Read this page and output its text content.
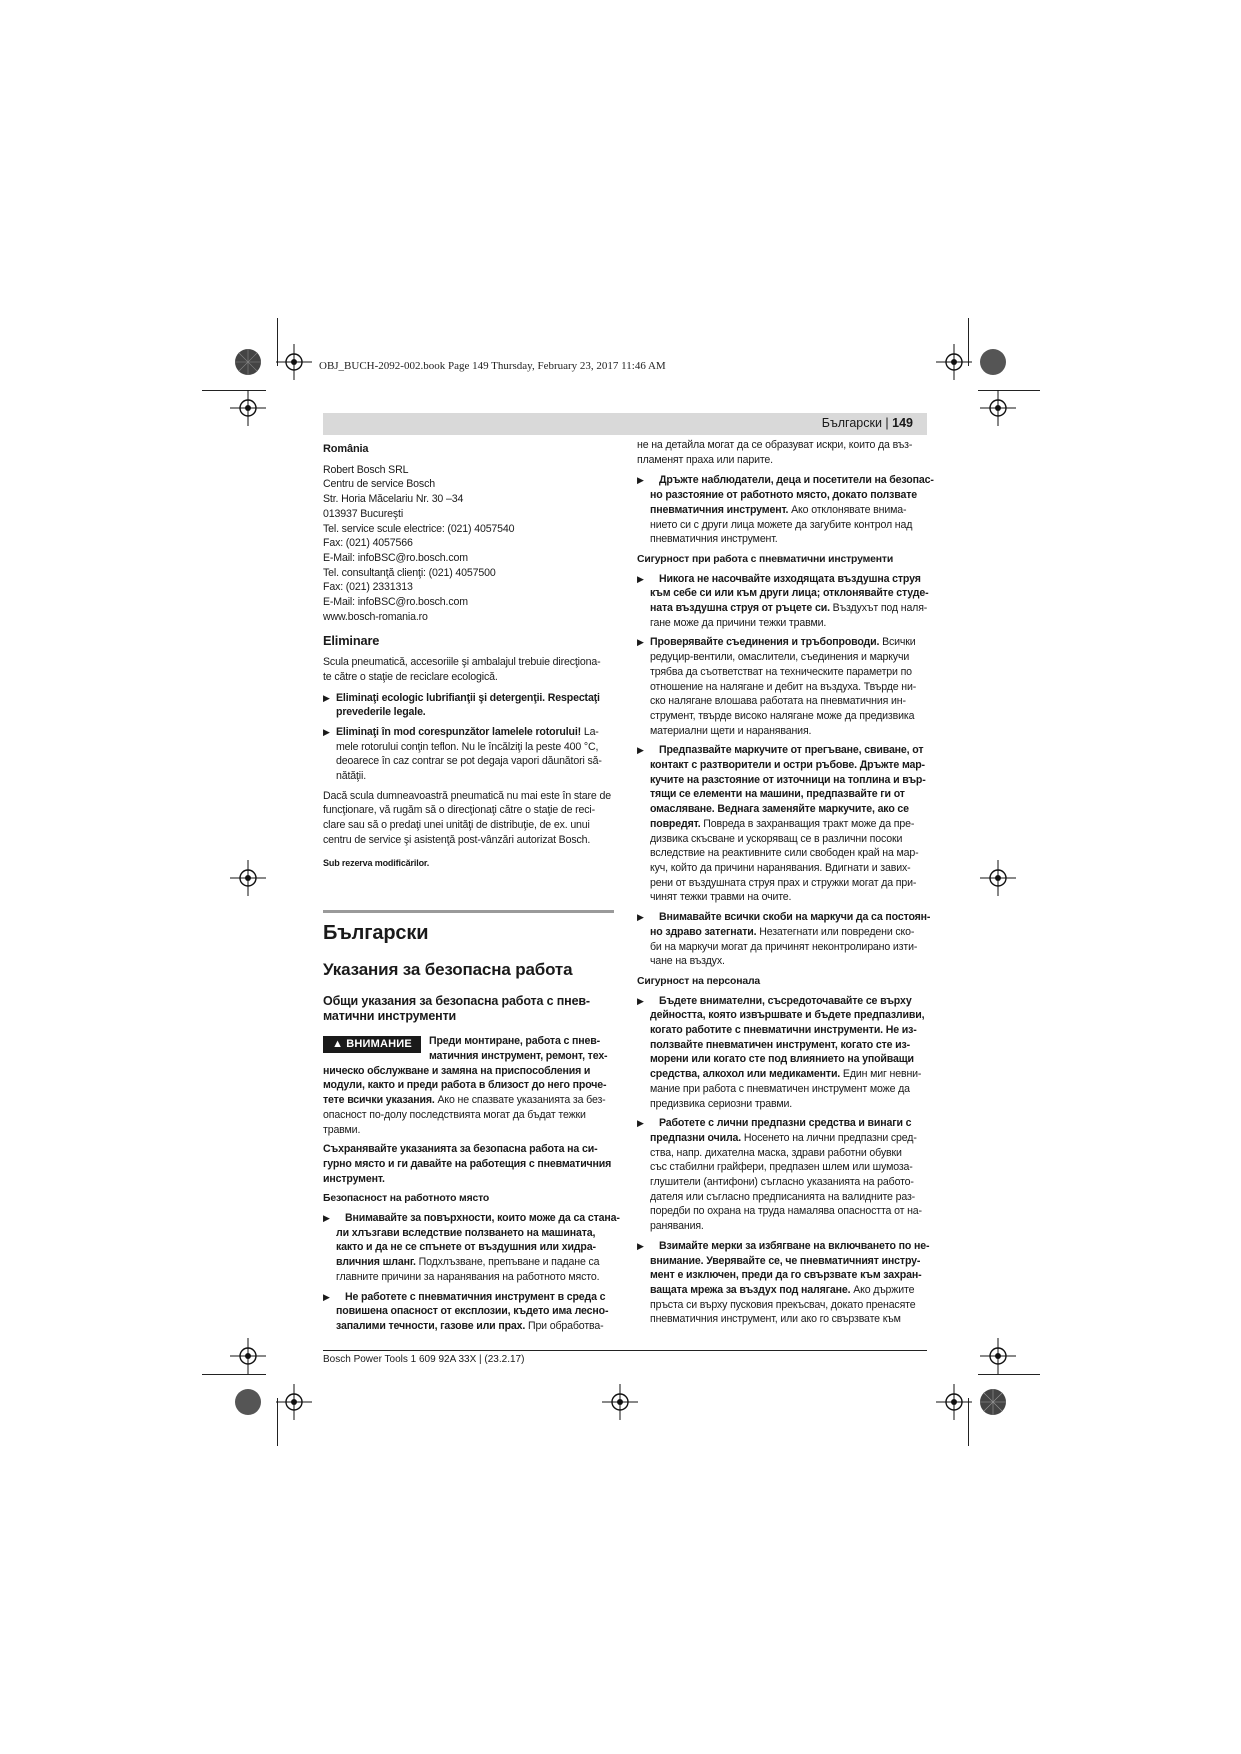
OBJ_BUCH-2092-002.book Page 149 Thursday, February 23, 2017 11:46 AM
Български | 149
România
Robert Bosch SRL
Centru de service Bosch
Str. Horia Măcelariu Nr. 30 –34
013937 Bucureşti
Tel. service scule electrice: (021) 4057540
Fax: (021) 4057566
E-Mail: infoBSC@ro.bosch.com
Tel. consultanţă clienţi: (021) 4057500
Fax: (021) 2331313
E-Mail: infoBSC@ro.bosch.com
www.bosch-romania.ro
Eliminare
Scula pneumatică, accesoriile şi ambalajul trebuie direcţiona-
te către o staţie de reciclare ecologică.
▶ Eliminaţi ecologic lubrifianţii şi detergenţii. Respectaţi
prevederile legale.
▶ Eliminaţi în mod corespunzător lamelele rotorului! La-
mele rotorului conţin teflon. Nu le încălziţi la peste 400 °C,
deoarece în caz contrar se pot degaja vapori dăunători să-
nătăţii.
Dacă scula dumneavoastră pneumatică nu mai este în stare de
funcţionare, vă rugăm să o direcţionaţi către o staţie de reci-
clare sau să o predaţi unei unităţi de distribuţie, de ex. unui
centru de service şi asistenţă post-vânzări autorizat Bosch.
Sub rezerva modificărilor.
Български
Указания за безопасна работа
Общи указания за безопасна работа с пнев-
матични инструменти
▲ ВНИМАНИЕ	Преди монтиране, работа с пнев-
матичния инструмент, ремонт, тех-
ническо обслужване и замяна на приспособления и
модули, както и преди работа в близост до него проче-
тете всички указания. Ако не спазвате указанията за без-
опасност по-долу последствията могат да бъдат тежки
травми.
Съхранявайте указанията за безопасна работа на си-
гурно място и ги давайте на работещия с пневматичния
инструмент.
Безопасност на работното място
▶	Внимавайте за повърхности, които може да са стана-
ли хлъзгави вследствие ползването на машината,
както и да не се спънете от въздушния или хидра-
вличния шланг. Подхлъзване, препъване и падане са
главните причини за наранявания на работното място.
▶	Не работете с пневматичния инструмент в среда с
повишена опасност от експлозии, където има лесно-
запалими течности, газове или прах. При обработва-
не на детайла могат да се образуват искри, които да въз-
пламенят праха или парите.
▶	Дръжте наблюдатели, деца и посетители на безопас-
но разстояние от работното място, докато ползвате
пневматичния инструмент. Ако отклонявате внима-
нието си с други лица можете да загубите контрол над
пневматичния инструмент.
Сигурност при работа с пневматични инструменти
▶	Никога не насочвайте изходящата въздушна струя
към себе си или към други лица; отклонявайте студе-
ната въздушна струя от ръцете си. Въздухът под наля-
гане може да причини тежки травми.
▶ Проверявайте съединения и тръбопроводи. Всички
редуцир-вентили, омаслители, съединения и маркучи
трябва да съответстват на техническите параметри по
отношение на налягане и дебит на въздуха. Твърде ни-
ско налягане влошава работата на пневматичния ин-
струмент, твърде високо налягане може да предизвика
материални щети и наранявания.
▶	Предпазвайте маркучите от прегъване, свиване, от
контакт с разтворители и остри ръбове. Дръжте мар-
кучите на разстояние от източници на топлина и вър-
тящи се елементи на машини, предпазвайте ги от
омасляване. Веднага заменяйте маркучите, ако се
повредят. Повреда в захранващия тракт може да пре-
дизвика скъсване и ускоряващ се в различни посоки
вследствие на реактивните сили свободен край на мар-
куч, който да причини наранявания. Вдигнати и завих-
рени от въздушната струя прах и стружки могат да при-
чинят тежки травми на очите.
▶	Внимавайте всички скоби на маркучи да са постоян-
но здраво затегнати. Незатегнати или повредени ско-
би на маркучи могат да причинят неконтролирано изти-
чане на въздух.
Сигурност на персонала
▶	Бъдете внимателни, съсредоточавайте се върху
дейността, която извършвате и бъдете предпазливи,
когато работите с пневматични инструменти. Не из-
ползвайте пневматичен инструмент, когато сте из-
морени или когато сте под влиянието на упойващи
средства, алкохол или медикаменти. Един миг невни-
мание при работа с пневматичен инструмент може да
предизвика сериозни травми.
▶	Работете с лични предпазни средства и винаги с
предпазни очила. Носенето на лични предпазни сред-
ства, напр. дихателна маска, здрави работни обувки
със стабилни грайфери, предпазен шлем или шумоза-
глушители (антифони) съгласно указанията на работо-
дателя или съгласно предписанията на валидните раз-
поредби по охрана на труда намалява опасността от на-
ранявания.
▶	Взимайте мерки за избягване на включването по не-
внимание. Уверявайте се, че пневматичният инстру-
мент е изключен, преди да го свързвате към захран-
ващата мрежа за въздух под налягане. Ако държите
пръста си върху пусковия прекъсвач, докато пренасяте
пневматичния инструмент, или ако го свързвате към
Bosch Power Tools 1 609 92A 33X | (23.2.17)
